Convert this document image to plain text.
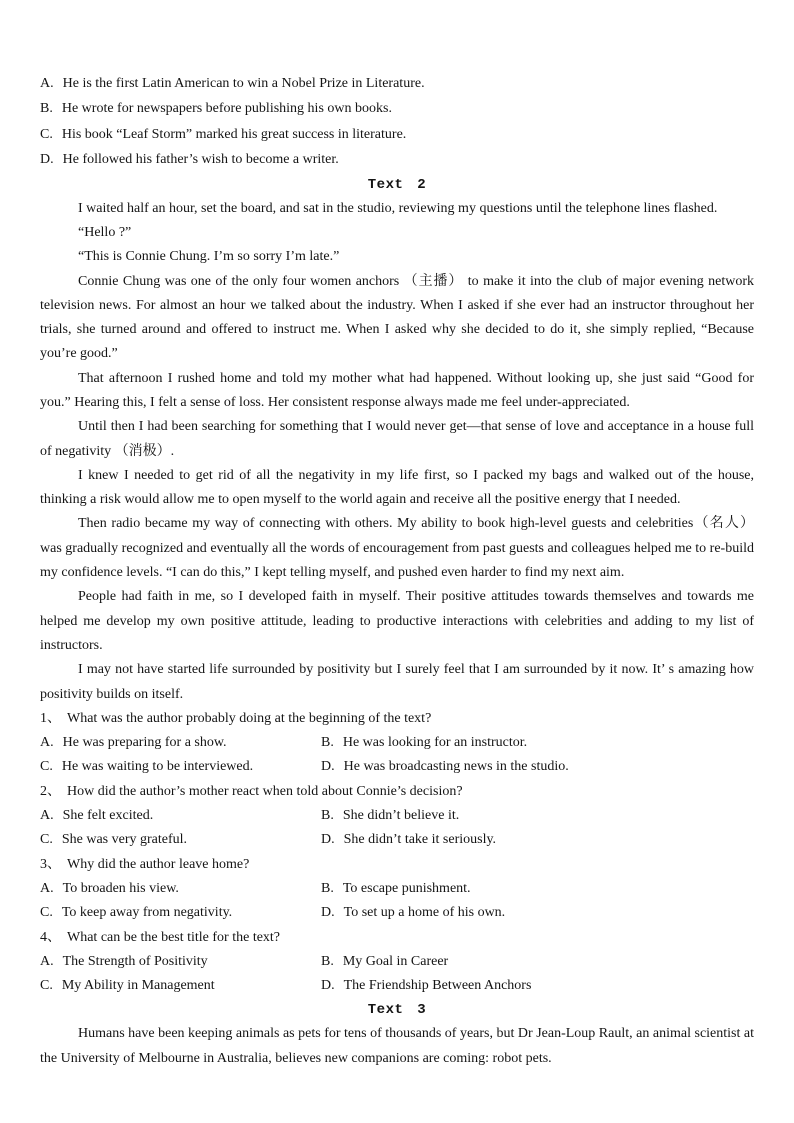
A. He is the first Latin American to win a Nobel Prize in Literature.
B. He wrote for newspapers before publishing his own books.
C. His book “Leaf Storm” marked his great success in literature.
D. He followed his father’s wish to become a writer.
Text 2

I waited half an hour, set the board, and sat in the studio, reviewing my questions until the telephone lines flashed.

“Hello ?”

“This is Connie Chung. I’m so sorry I’m late.”

Connie Chung was one of the only four women anchors （主播） to make it into the club of major evening network television news. For almost an hour we talked about the industry. When I asked if she ever had an instructor throughout her trials, she turned around and offered to instruct me. When I asked why she decided to do it, she simply replied, “Because you’re good.”

That afternoon I rushed home and told my mother what had happened. Without looking up, she just said “Good for you.” Hearing this, I felt a sense of loss. Her consistent response always made me feel under-appreciated.

Until then I had been searching for something that I would never get—that sense of love and acceptance in a house full of negativity （消极）.

I knew I needed to get rid of all the negativity in my life first, so I packed my bags and walked out of the house, thinking a risk would allow me to open myself to the world again and receive all the positive energy that I needed.

Then radio became my way of connecting with others. My ability to book high-level guests and celebrities（名人） was gradually recognized and eventually all the words of encouragement from past guests and colleagues helped me to re-build my confidence levels. “I can do this,” I kept telling myself, and pushed even harder to find my next aim.

People had faith in me, so I developed faith in myself. Their positive attitudes towards themselves and towards me helped me develop my own positive attitude, leading to productive interactions with celebrities and adding to my list of instructors.

I may not have started life surrounded by positivity but I surely feel that I am surrounded by it now. It’ s amazing how positivity builds on itself.

1、 What was the author probably doing at the beginning of the text?
A. He was preparing for a show.	B. He was looking for an instructor.
C. He was waiting to be interviewed.	D. He was broadcasting news in the studio.
2、 How did the author’s mother react when told about Connie’s decision?
A. She felt excited.	B. She didn’t believe it.
C. She was very grateful.	D. She didn’t take it seriously.
3、 Why did the author leave home?
A. To broaden his view.	B. To escape punishment.
C. To keep away from negativity.	D. To set up a home of his own.
4、 What can be the best title for the text?
A. The Strength of Positivity	B. My Goal in Career
C. My Ability in Management	D. The Friendship Between Anchors
Text 3

Humans have been keeping animals as pets for tens of thousands of years, but Dr Jean-Loup Rault, an animal scientist at the University of Melbourne in Australia, believes new companions are coming: robot pets.
